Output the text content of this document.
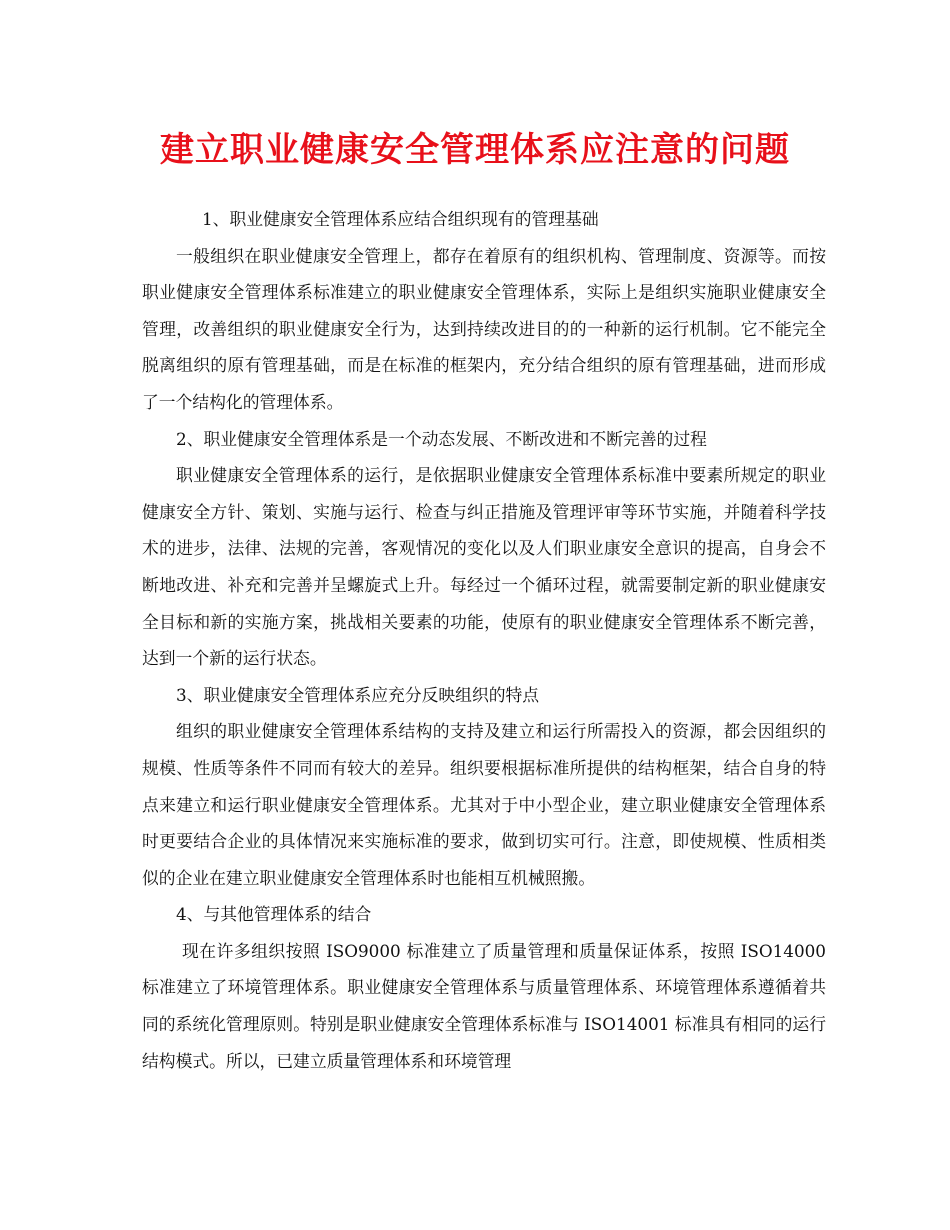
建立职业健康安全管理体系应注意的问题

1、职业健康安全管理体系应结合组织现有的管理基础

一般组织在职业健康安全管理上，都存在着原有的组织机构、管理制度、资源等。而按职业健康安全管理体系标准建立的职业健康安全管理体系，实际上是组织实施职业健康安全管理，改善组织的职业健康安全行为，达到持续改进目的的一种新的运行机制。它不能完全脱离组织的原有管理基础，而是在标准的框架内，充分结合组织的原有管理基础，进而形成了一个结构化的管理体系。

2、职业健康安全管理体系是一个动态发展、不断改进和不断完善的过程

职业健康安全管理体系的运行，是依据职业健康安全管理体系标准中要素所规定的职业健康安全方针、策划、实施与运行、检查与纠正措施及管理评审等环节实施，并随着科学技术的进步，法律、法规的完善，客观情况的变化以及人们职业康安全意识的提高，自身会不断地改进、补充和完善并呈螺旋式上升。每经过一个循环过程，就需要制定新的职业健康安全目标和新的实施方案，挑战相关要素的功能，使原有的职业健康安全管理体系不断完善，达到一个新的运行状态。

3、职业健康安全管理体系应充分反映组织的特点

组织的职业健康安全管理体系结构的支持及建立和运行所需投入的资源，都会因组织的规模、性质等条件不同而有较大的差异。组织要根据标准所提供的结构框架，结合自身的特点来建立和运行职业健康安全管理体系。尤其对于中小型企业，建立职业健康安全管理体系时更要结合企业的具体情况来实施标准的要求，做到切实可行。注意，即使规模、性质相类似的企业在建立职业健康安全管理体系时也能相互机械照搬。

4、与其他管理体系的结合

现在许多组织按照 ISO9000 标准建立了质量管理和质量保证体系，按照 ISO14000 标准建立了环境管理体系。职业健康安全管理体系与质量管理体系、环境管理体系遵循着共同的系统化管理原则。特别是职业健康安全管理体系标准与 ISO14001 标准具有相同的运行结构模式。所以，已建立质量管理体系和环境管理
